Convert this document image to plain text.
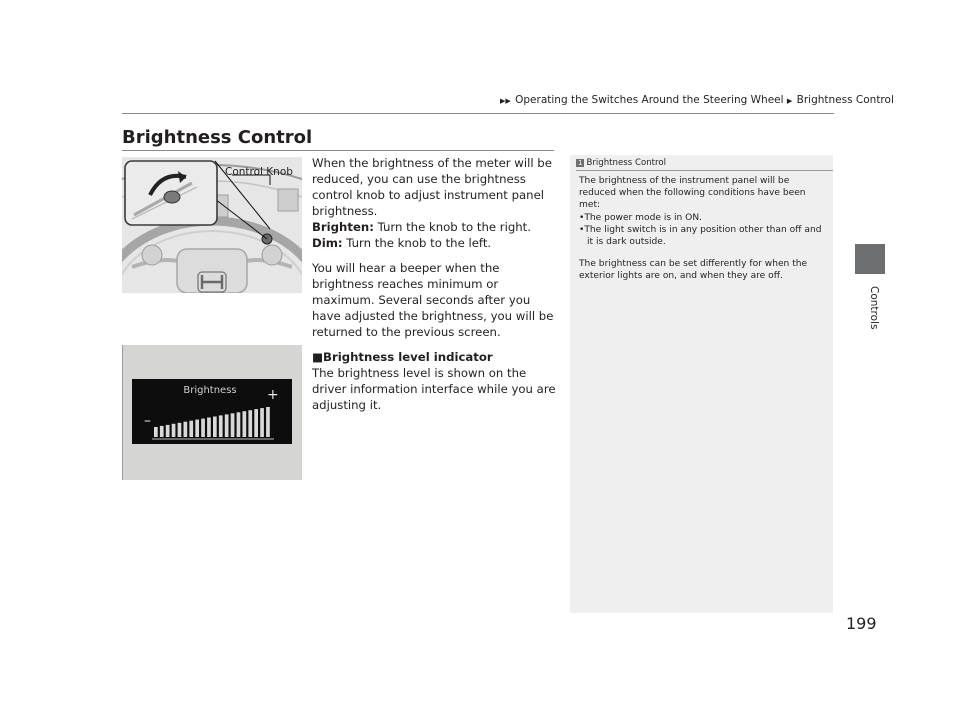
▶▶ Operating the Switches Around the Steering Wheel ▶ Brightness Control
Brightness Control
Controls
Control Knob

When the brightness of the meter will be reduced, you can use the brightness control knob to adjust instrument panel brightness.

Brighten: Turn the knob to the right.

Dim: Turn the knob to the left.

You will hear a beeper when the brightness reaches minimum or maximum. Several seconds after you have adjusted the brightness, you will be returned to the previous screen.

■Brightness level indicator

The brightness level is shown on the driver information interface while you are adjusting it.

Brightness	+
–
1 Brightness Control

The brightness of the instrument panel will be reduced when the following conditions have been met:

•The power mode is in ON.

•The light switch is in any position other than off and it is dark outside.

The brightness can be set differently for when the exterior lights are on, and when they are off.

199
